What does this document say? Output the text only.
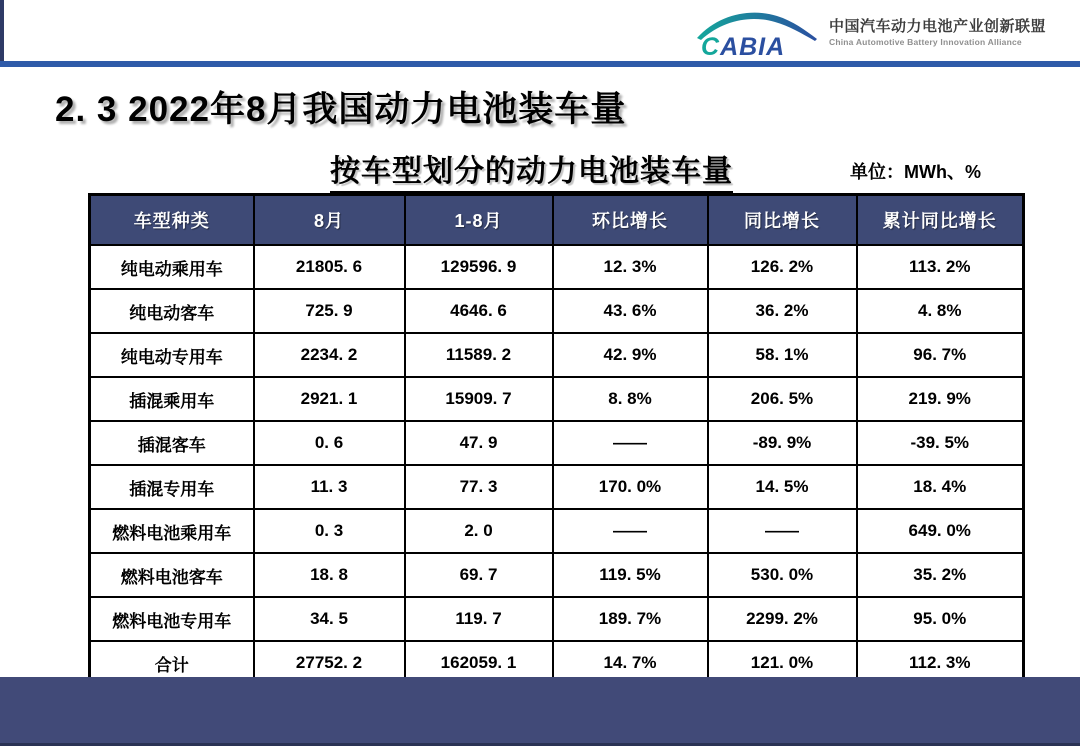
CABIA
中国汽车动力电池产业创新联盟
China Automotive Battery Innovation Alliance
2. 3 2022年8月我国动力电池装车量
按车型划分的动力电池装车量	单位：MWh、%
车型种类	8月	1-8月	环比增长	同比增长	累计同比增长
纯电动乘用车	21805. 6	129596. 9	12. 3%	126. 2%	113. 2%
纯电动客车	725. 9	4646. 6	43. 6%	36. 2%	4. 8%
纯电动专用车	2234. 2	11589. 2	42. 9%	58. 1%	96. 7%
插混乘用车	2921. 1	15909. 7	8. 8%	206. 5%	219. 9%
插混客车	0. 6	47. 9	——	-89. 9%	-39. 5%
插混专用车	11. 3	77. 3	170. 0%	14. 5%	18. 4%
燃料电池乘用车	0. 3	2. 0	——	——	649. 0%
燃料电池客车	18. 8	69. 7	119. 5%	530. 0%	35. 2%
燃料电池专用车	34. 5	119. 7	189. 7%	2299. 2%	95. 0%
合计	27752. 2	162059. 1	14. 7%	121. 0%	112. 3%
